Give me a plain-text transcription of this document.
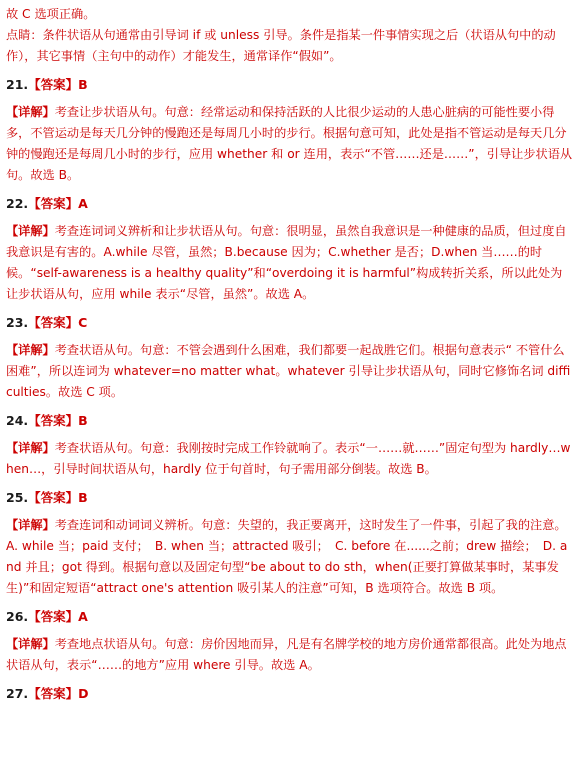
故 C 选项正确。

点睛：条件状语从句通常由引导词 if 或 unless 引导。条件是指某一件事情实现之后（状语从句中的动作），其它事情（主句中的动作）才能发生，通常译作“假如”。

21.【答案】B

【详解】考查让步状语从句。句意：经常运动和保持活跃的人比很少运动的人患心脏病的可能性要小得多，不管运动是每天几分钟的慢跑还是每周几小时的步行。根据句意可知，此处是指不管运动是每天几分钟的慢跑还是每周几小时的步行，应用 whether 和 or 连用，表示“不管……还是……”，引导让步状语从句。故选 B。

22.【答案】A

【详解】考查连词词义辨析和让步状语从句。句意：很明显，虽然自我意识是一种健康的品质，但过度自我意识是有害的。A.while 尽管，虽然；B.because 因为；C.whether 是否；D.when 当……的时候。“self-awareness is a healthy quality”和“overdoing it is harmful”构成转折关系，所以此处为让步状语从句，应用 while 表示“尽管，虽然”。故选 A。

23.【答案】C

【详解】考查状语从句。句意：不管会遇到什么困难，我们都要一起战胜它们。根据句意表示“ 不管什么困难”，所以连词为 whatever=no matter what。whatever 引导让步状语从句，同时它修饰名词 difficulties。故选 C 项。

24.【答案】B

【详解】考查状语从句。句意：我刚按时完成工作铃就响了。表示“一……就……”固定句型为 hardly…when…，引导时间状语从句，hardly 位于句首时，句子需用部分倒装。故选 B。

25.【答案】B

【详解】考查连词和动词词义辨析。句意：失望的，我正要离开，这时发生了一件事，引起了我的注意。A. while 当；paid 支付；　B. when 当；attracted 吸引；　C. before 在......之前；drew 描绘；　D. and 并且；got 得到。根据句意以及固定句型“be about to do sth，when(正要打算做某事时，某事发生)”和固定短语“attract one's attention 吸引某人的注意”可知，B 选项符合。故选 B 项。

26.【答案】A

【详解】考查地点状语从句。句意：房价因地而异，凡是有名牌学校的地方房价通常都很高。此处为地点状语从句，表示“……的地方”应用 where 引导。故选 A。

27.【答案】D
